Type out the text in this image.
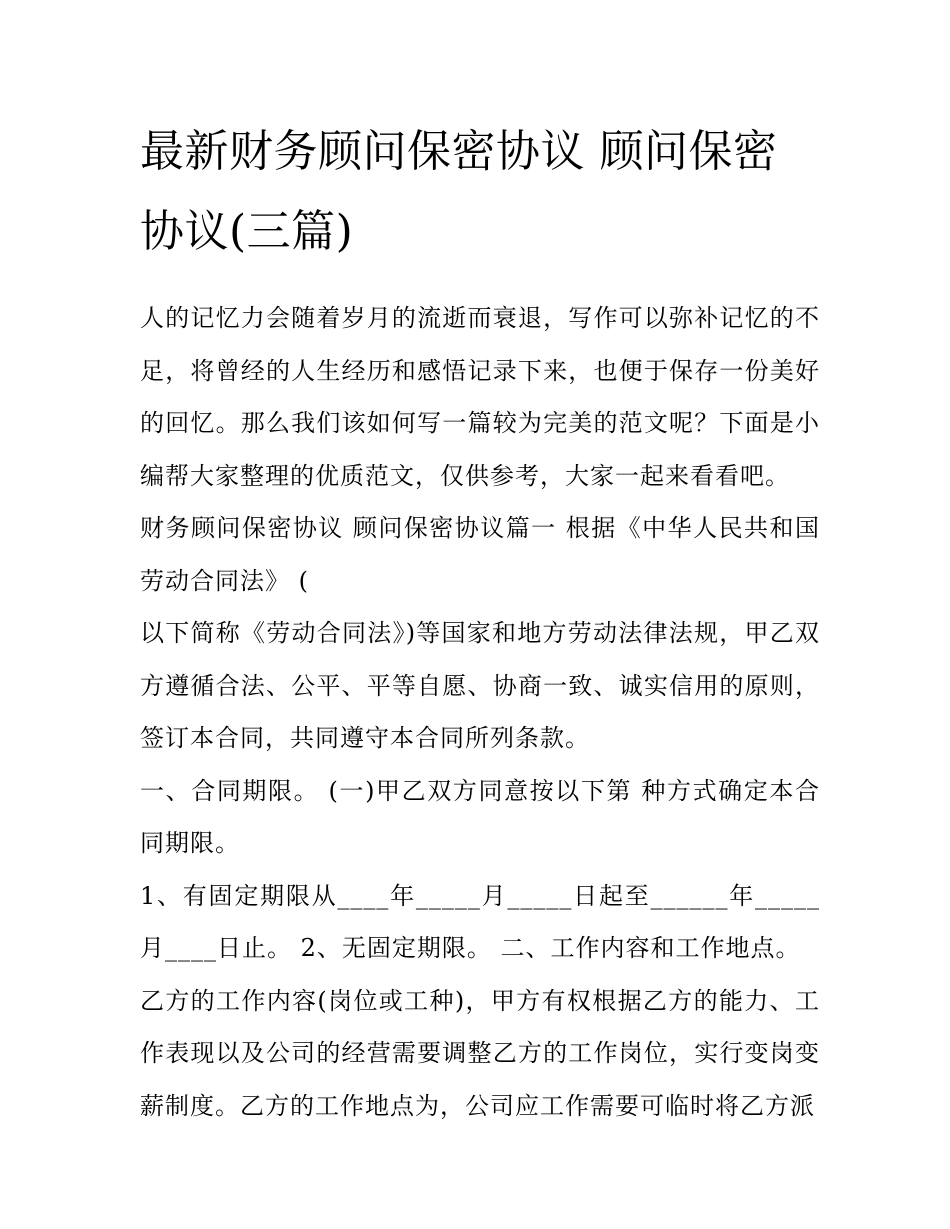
最新财务顾问保密协议 顾问保密协议(三篇)

人的记忆力会随着岁月的流逝而衰退，写作可以弥补记忆的不足，将曾经的人生经历和感悟记录下来，也便于保存一份美好的回忆。那么我们该如何写一篇较为完美的范文呢？下面是小编帮大家整理的优质范文，仅供参考，大家一起来看看吧。

财务顾问保密协议 顾问保密协议篇一 根据《中华人民共和国劳动合同法》 (

以下简称《劳动合同法》)等国家和地方劳动法律法规，甲乙双方遵循合法、公平、平等自愿、协商一致、诚实信用的原则，签订本合同，共同遵守本合同所列条款。

一、合同期限。 (一)甲乙双方同意按以下第 种方式确定本合同期限。

1、有固定期限从____年_____月_____日起至______年_____月____日止。 2、无固定期限。 二、工作内容和工作地点。

乙方的工作内容(岗位或工种)，甲方有权根据乙方的能力、工作表现以及公司的经营需要调整乙方的工作岗位，实行变岗变薪制度。乙方的工作地点为，公司应工作需要可临时将乙方派
